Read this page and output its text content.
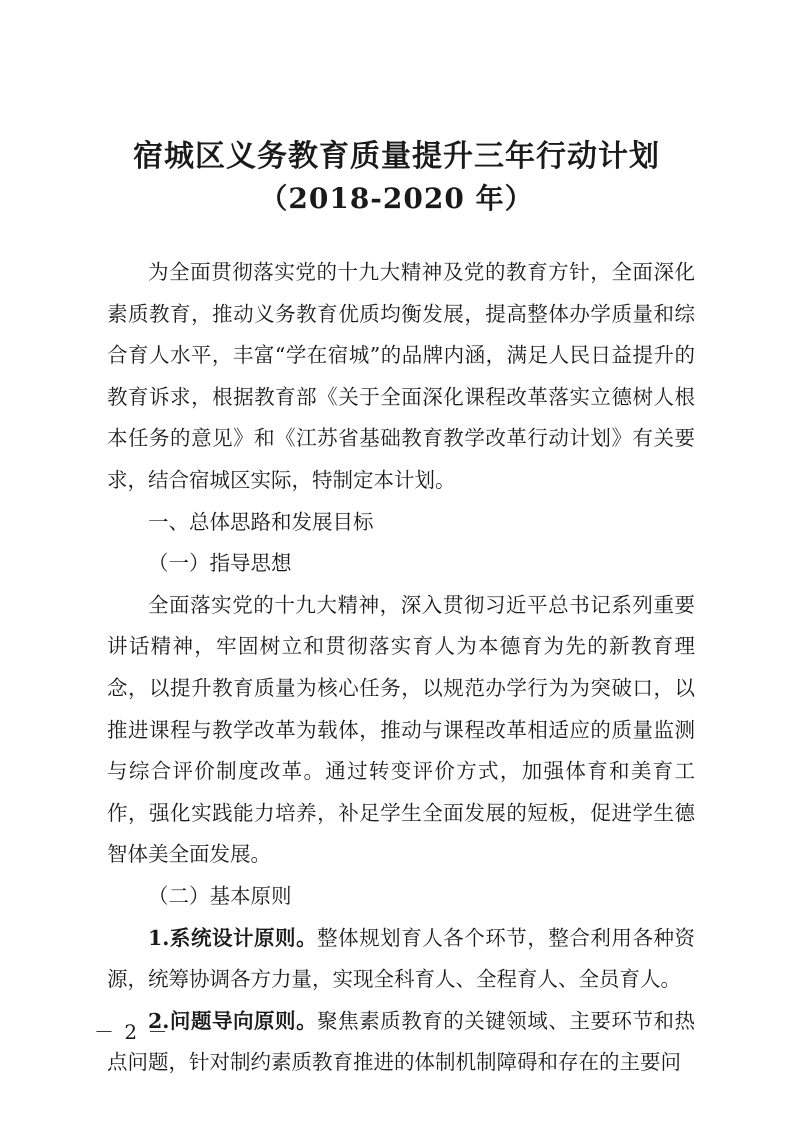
宿城区义务教育质量提升三年行动计划
（2018-2020 年）

为全面贯彻落实党的十九大精神及党的教育方针，全面深化素质教育，推动义务教育优质均衡发展，提高整体办学质量和综合育人水平，丰富“学在宿城”的品牌内涵，满足人民日益提升的教育诉求，根据教育部《关于全面深化课程改革落实立德树人根本任务的意见》和《江苏省基础教育教学改革行动计划》有关要求，结合宿城区实际，特制定本计划。

一、总体思路和发展目标

（一）指导思想

全面落实党的十九大精神，深入贯彻习近平总书记系列重要讲话精神，牢固树立和贯彻落实育人为本德育为先的新教育理念，以提升教育质量为核心任务，以规范办学行为为突破口，以推进课程与教学改革为载体，推动与课程改革相适应的质量监测与综合评价制度改革。通过转变评价方式，加强体育和美育工作，强化实践能力培养，补足学生全面发展的短板，促进学生德智体美全面发展。

（二）基本原则

1.系统设计原则。整体规划育人各个环节，整合利用各种资源，统筹协调各方力量，实现全科育人、全程育人、全员育人。

2.问题导向原则。聚焦素质教育的关键领域、主要环节和热点问题，针对制约素质教育推进的体制机制障碍和存在的主要问

－ 2 －
